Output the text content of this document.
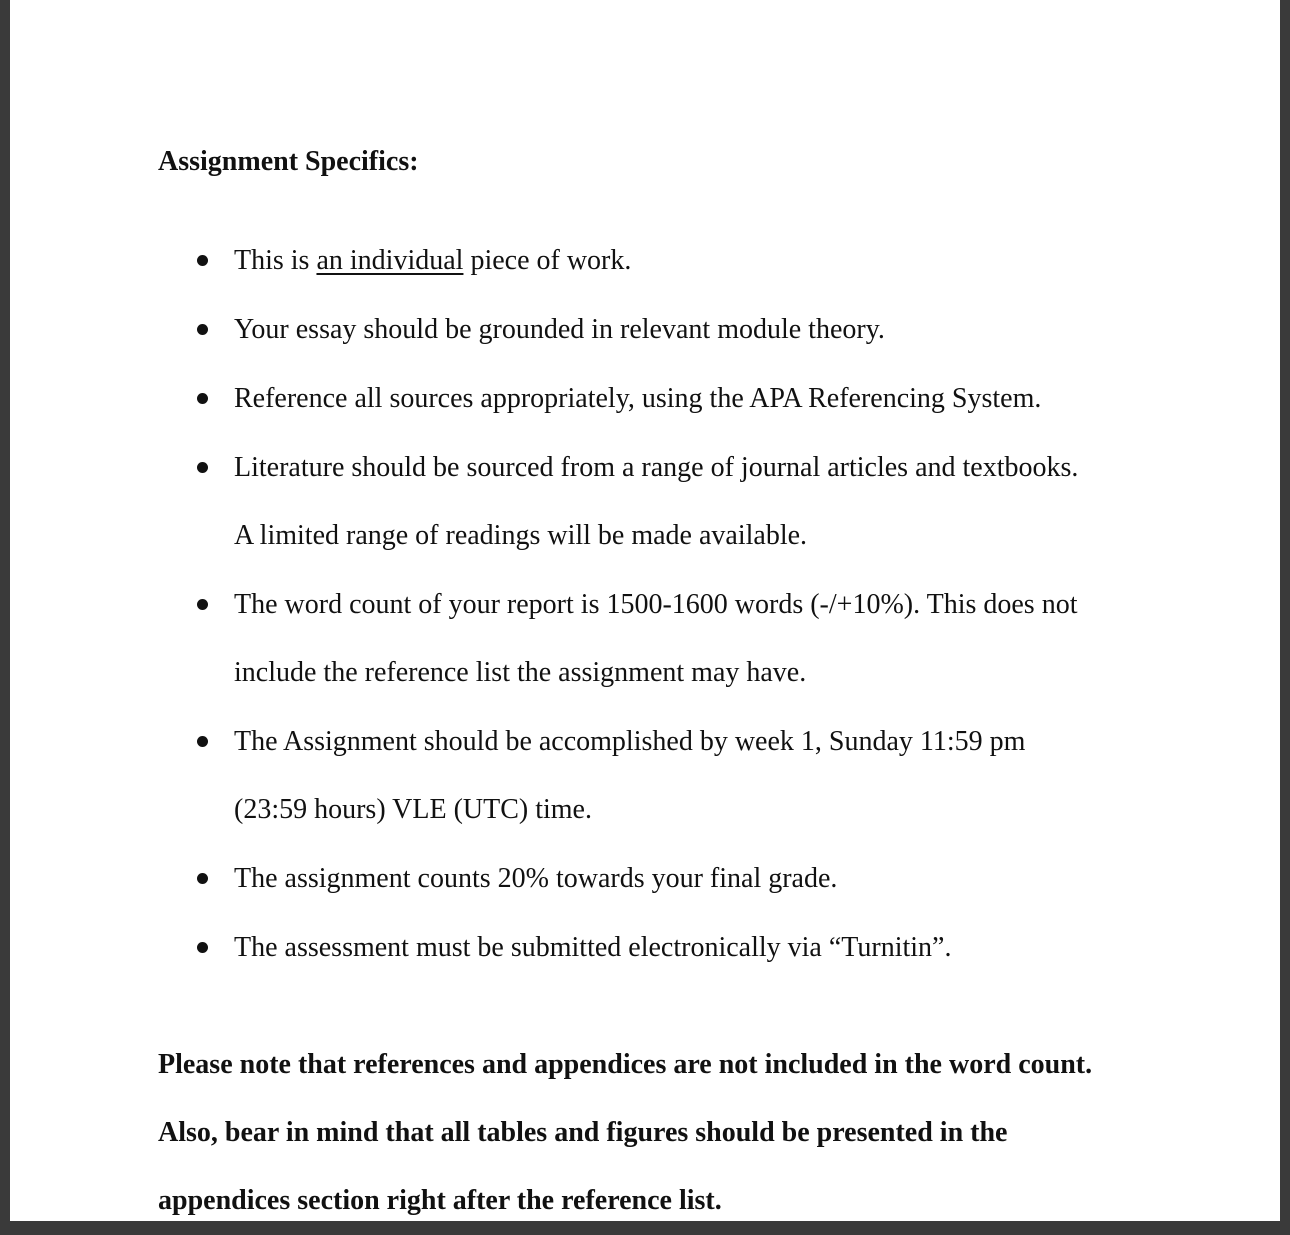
Assignment Specifics:
This is an individual piece of work.
Your essay should be grounded in relevant module theory.
Reference all sources appropriately, using the APA Referencing System.
Literature should be sourced from a range of journal articles and textbooks.
A limited range of readings will be made available.
The word count of your report is 1500-1600 words (-/+10%). This does not
include the reference list the assignment may have.
The Assignment should be accomplished by week 1, Sunday 11:59 pm
(23:59 hours) VLE (UTC) time.
The assignment counts 20% towards your final grade.
The assessment must be submitted electronically via “Turnitin”.

Please note that references and appendices are not included in the word count.
Also, bear in mind that all tables and figures should be presented in the
appendices section right after the reference list.
